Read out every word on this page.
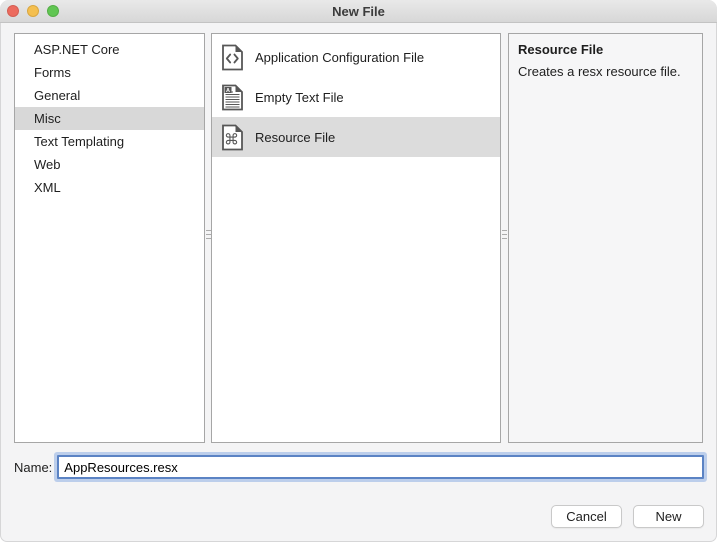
New File
ASP.NET Core
Forms
General
Misc
Text Templating
Web
XML
Application Configuration File
A Empty Text File
⌘ Resource File
Resource File
Creates a resx resource file.
Name:
AppResources.resx
Cancel	New
